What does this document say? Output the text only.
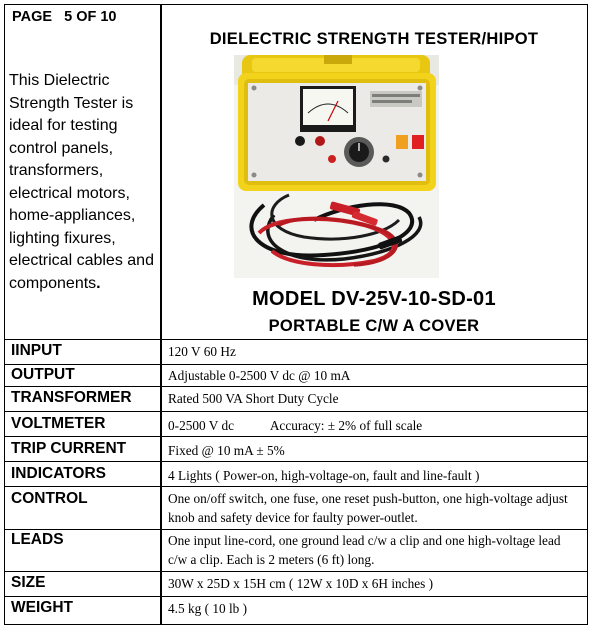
PAGE   5 OF 10
This Dielectric Strength Tester is ideal for testing control panels, transformers, electrical motors, home-appliances, lighting fixures, electrical cables and components.
DIELECTRIC STRENGTH TESTER/HIPOT
MODEL DV-25V-10-SD-01
PORTABLE C/W A COVER
IINPUT	120 V 60 Hz
OUTPUT	Adjustable 0-2500 V dc @ 10 mA
TRANSFORMER	Rated 500 VA Short Duty Cycle
VOLTMETER	0-2500 V dc           Accuracy: ± 2% of full scale
TRIP CURRENT	Fixed @ 10 mA ± 5%
INDICATORS	4 Lights ( Power-on, high-voltage-on, fault and line-fault )
CONTROL	One on/off switch, one fuse, one reset push-button, one high-voltage adjust knob and safety device for faulty power-outlet.
LEADS	One input line-cord, one ground lead c/w a clip and one high-voltage lead c/w a clip. Each is 2 meters (6 ft) long.
SIZE	30W x 25D x 15H cm ( 12W x 10D x 6H inches )
WEIGHT	4.5 kg ( 10 lb )
